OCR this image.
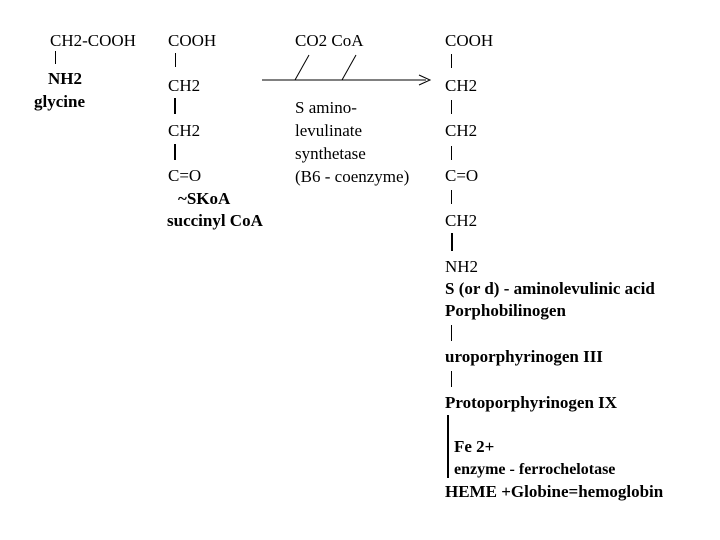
CH2-COOH
NH2
glycine
COOH
CH2
CH2
C=O
~SKoA
succinyl CoA
CO2 CoA
S amino-
levulinate
synthetase
(B6 - coenzyme)
COOH
CH2
CH2
C=O
CH2
NH2
S (or d) - aminolevulinic acid
Porphobilinogen
uroporphyrinogen III
Protoporphyrinogen IX
Fe 2+
enzyme - ferrochelotase
HEME +Globine=hemoglobin
